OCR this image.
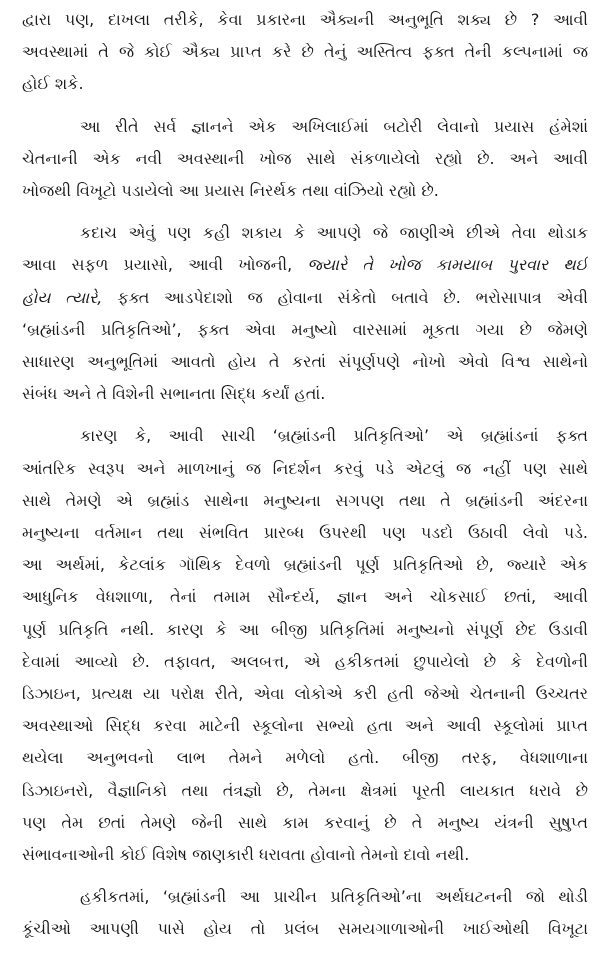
દ્વારા પણ, દાખલા તરીકે, કેવા પ્રકારના ઐક્યની અનુભૂતિ શક્ય છે ? આવી
અવસ્થામાં તે જે કોઈ ઐક્ય પ્રાપ્ત કરે છે તેનું અસ્તિત્વ ફક્ત તેની કલ્પનામાં જ
હોઈ શકે.

આ રીતે સર્વ જ્ઞાનને એક અખિલાઈમાં બટોરી લેવાનો પ્રયાસ હંમેશાં
ચેતનાની એક નવી અવસ્થાની ખોજ સાથે સંકળાયેલો રહ્યો છે. અને આવી
ખોજથી વિખૂટો પડાયેલો આ પ્રયાસ નિરર્થક તથા વાંઝિયો રહ્યો છે.

કદાચ એવું પણ કહી શકાય કે આપણે જે જાણીએ છીએ તેવા થોડાક
આવા સફળ પ્રયાસો, આવી ખોજની, જ્યારે તે ખોજ કામયાબ પુરવાર થઈ
હોય ત્યારે, ફક્ત આડપેદાશો જ હોવાના સંકેતો બતાવે છે. ભરોસાપાત્ર એવી
‘બ્રહ્માંડની પ્રતિકૃતિઓ’, ફક્ત એવા મનુષ્યો વારસામાં મૂકતા ગયા છે જેમણે
સાધારણ અનુભૂતિમાં આવતો હોય તે કરતાં સંપૂર્ણપણે નોખો એવો વિશ્વ સાથેનો
સંબંધ અને તે વિશેની સભાનતા સિદ્ધ કર્યાં હતાં.

કારણ કે, આવી સાચી ‘બ્રહ્માંડની પ્રતિકૃતિઓ’ એ બ્રહ્માંડનાં ફક્ત
આંતરિક સ્વરૂપ અને માળખાનું જ નિદર્શન કરવું પડે એટલું જ નહીં પણ સાથે
સાથે તેમણે એ બ્રહ્માંડ સાથેના મનુષ્યના સગપણ તથા તે બ્રહ્માંડની અંદરના
મનુષ્યના વર્તમાન તથા સંભવિત પ્રારબ્ધ ઉપરથી પણ પડદો ઉઠાવી લેવો પડે.
આ અર્થમાં, કેટલાંક ગૉથિક દેવળો બ્રહ્માંડની પૂર્ણ પ્રતિકૃતિઓ છે, જ્યારે એક
આધુનિક વેધશાળા, તેનાં તમામ સૌન્દર્ય, જ્ઞાન અને ચોકસાઈ છતાં, આવી
પૂર્ણ પ્રતિકૃતિ નથી. કારણ કે આ બીજી પ્રતિકૃતિમાં મનુષ્યનો સંપૂર્ણ છેદ ઉડાવી
દેવામાં આવ્યો છે. તફાવત, અલબત્ત, એ હકીકતમાં છુપાયેલો છે કે દેવળોની
ડિઝાઇન, પ્રત્યક્ષ યા પરોક્ષ રીતે, એવા લોકોએ કરી હતી જેઓ ચેતનાની ઉચ્ચતર
અવસ્થાઓ સિદ્ધ કરવા માટેની સ્કૂલોના સભ્યો હતા અને આવી સ્કૂલોમાં પ્રાપ્ત
થયેલા અનુભવનો લાભ તેમને મળેલો હતો. બીજી તરફ, વેધશાળાના
ડિઝાઇનરો, વૈજ્ઞાનિકો તથા તંત્રજ્ઞો છે, તેમના ક્ષેત્રમાં પૂરતી લાયકાત ધરાવે છે
પણ તેમ છતાં તેમણે જેની સાથે કામ કરવાનું છે તે મનુષ્ય યંત્રની સુષુપ્ત
સંભાવનાઓની કોઈ વિશેષ જાણકારી ધરાવતા હોવાનો તેમનો દાવો નથી.

હકીકતમાં, ‘બ્રહ્માંડની આ પ્રાચીન પ્રતિકૃતિઓ’ના અર્થઘટનની જો થોડી
કૂંચીઓ આપણી પાસે હોય તો પ્રલંબ સમયગાળાઓની ખાઈઓથી વિખૂટા
